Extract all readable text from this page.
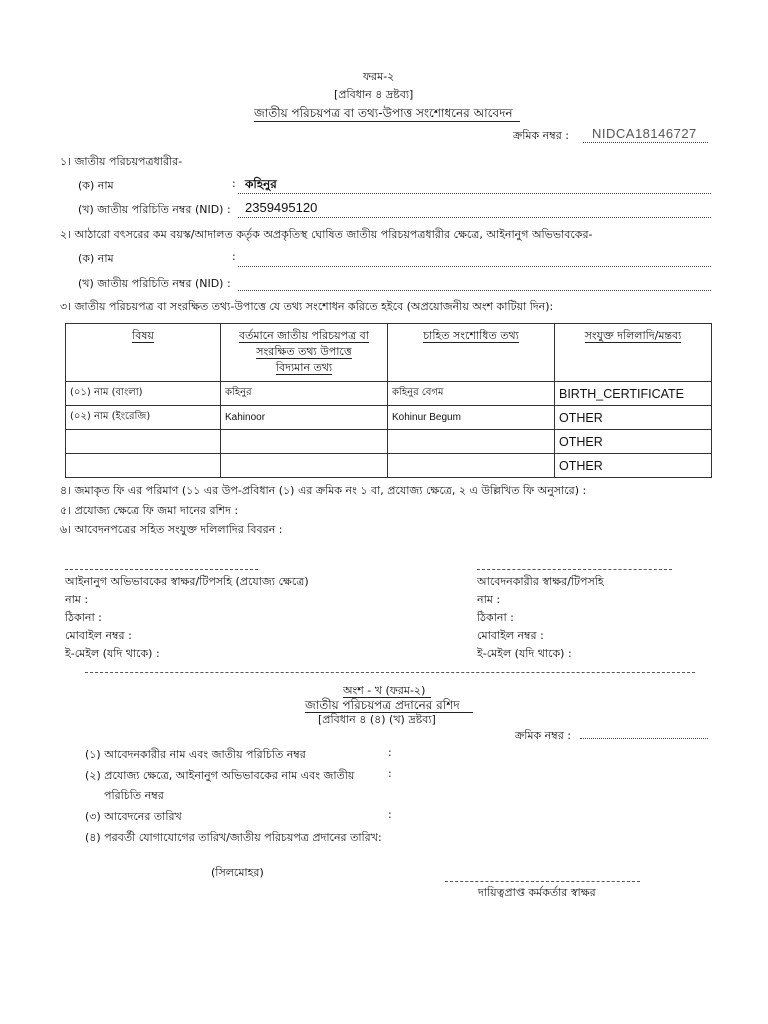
ফরম-২
[প্রবিধান ৪ দ্রষ্টব্য]
জাতীয় পরিচয়পত্র বা তথ্য-উপাত্ত সংশোধনের আবেদন
ক্রমিক নম্বর : NIDCA18146727
১। জাতীয় পরিচয়পত্রধারীর-
(ক) নাম	: কহিনুর
(খ) জাতীয় পরিচিতি নম্বর (NID) : 2359495120
২। আঠারো বৎসরের কম বয়স্ক/আদালত কর্তৃক অপ্রকৃতিস্থ ঘোষিত জাতীয় পরিচয়পত্রধারীর ক্ষেত্রে, আইনানুগ অভিভাবকের-
(ক) নাম	:
(খ) জাতীয় পরিচিতি নম্বর (NID) :
৩। জাতীয় পরিচয়পত্র বা সংরক্ষিত তথ্য-উপাত্তে যে তথ্য সংশোধন করিতে হইবে (অপ্রয়োজনীয় অংশ কাটিয়া দিন):
বিষয়	বর্তমানে জাতীয় পরিচয়পত্র বা
সংরক্ষিত তথ্য উপাত্তে
বিদ্যমান তথ্য	চাহিত সংশোধিত তথ্য	সংযুক্ত দলিলাদি/মন্তব্য
(০১) নাম (বাংলা)	কহিনুর	কহিনুর বেগম	BIRTH_CERTIFICATE
(০২) নাম (ইংরেজি)	Kahinoor	Kohinur Begum	OTHER
			OTHER
			OTHER
৪। জমাকৃত ফি এর পরিমাণ (১১ এর উপ-প্রবিধান (১) এর ক্রমিক নং ১ বা, প্রযোজ্য ক্ষেত্রে, ২ এ উল্লিখিত ফি অনুসারে) :
৫। প্রযোজ্য ক্ষেত্রে ফি জমা দানের রশিদ :
৬। আবেদনপত্রের সহিত সংযুক্ত দলিলাদির বিবরন :
আইনানুগ অভিভাবকের স্বাক্ষর/টিপসহি (প্রযোজ্য ক্ষেত্রে)
নাম :
ঠিকানা :
মোবাইল নম্বর :
ই-মেইল (যদি থাকে) :
আবেদনকারীর স্বাক্ষর/টিপসহি
নাম :
ঠিকানা :
মোবাইল নম্বর :
ই-মেইল (যদি থাকে) :
অংশ - খ (ফরম-২)
জাতীয় পরিচয়পত্র প্রদানের রশিদ
[প্রবিধান ৪ (৪) (খ) দ্রষ্টব্য]
ক্রমিক নম্বর :
(১) আবেদনকারীর নাম এবং জাতীয় পরিচিতি নম্বর	:
(২) প্রযোজ্য ক্ষেত্রে, আইনানুগ অভিভাবকের নাম এবং জাতীয়	:
পরিচিতি নম্বর
(৩) আবেদনের তারিখ	:
(৪) পরবর্তী যোগাযোগের তারিখ/জাতীয় পরিচয়পত্র প্রদানের তারিখ:
(সিলমোহর)
দায়িত্বপ্রাপ্ত কর্মকর্তার স্বাক্ষর
